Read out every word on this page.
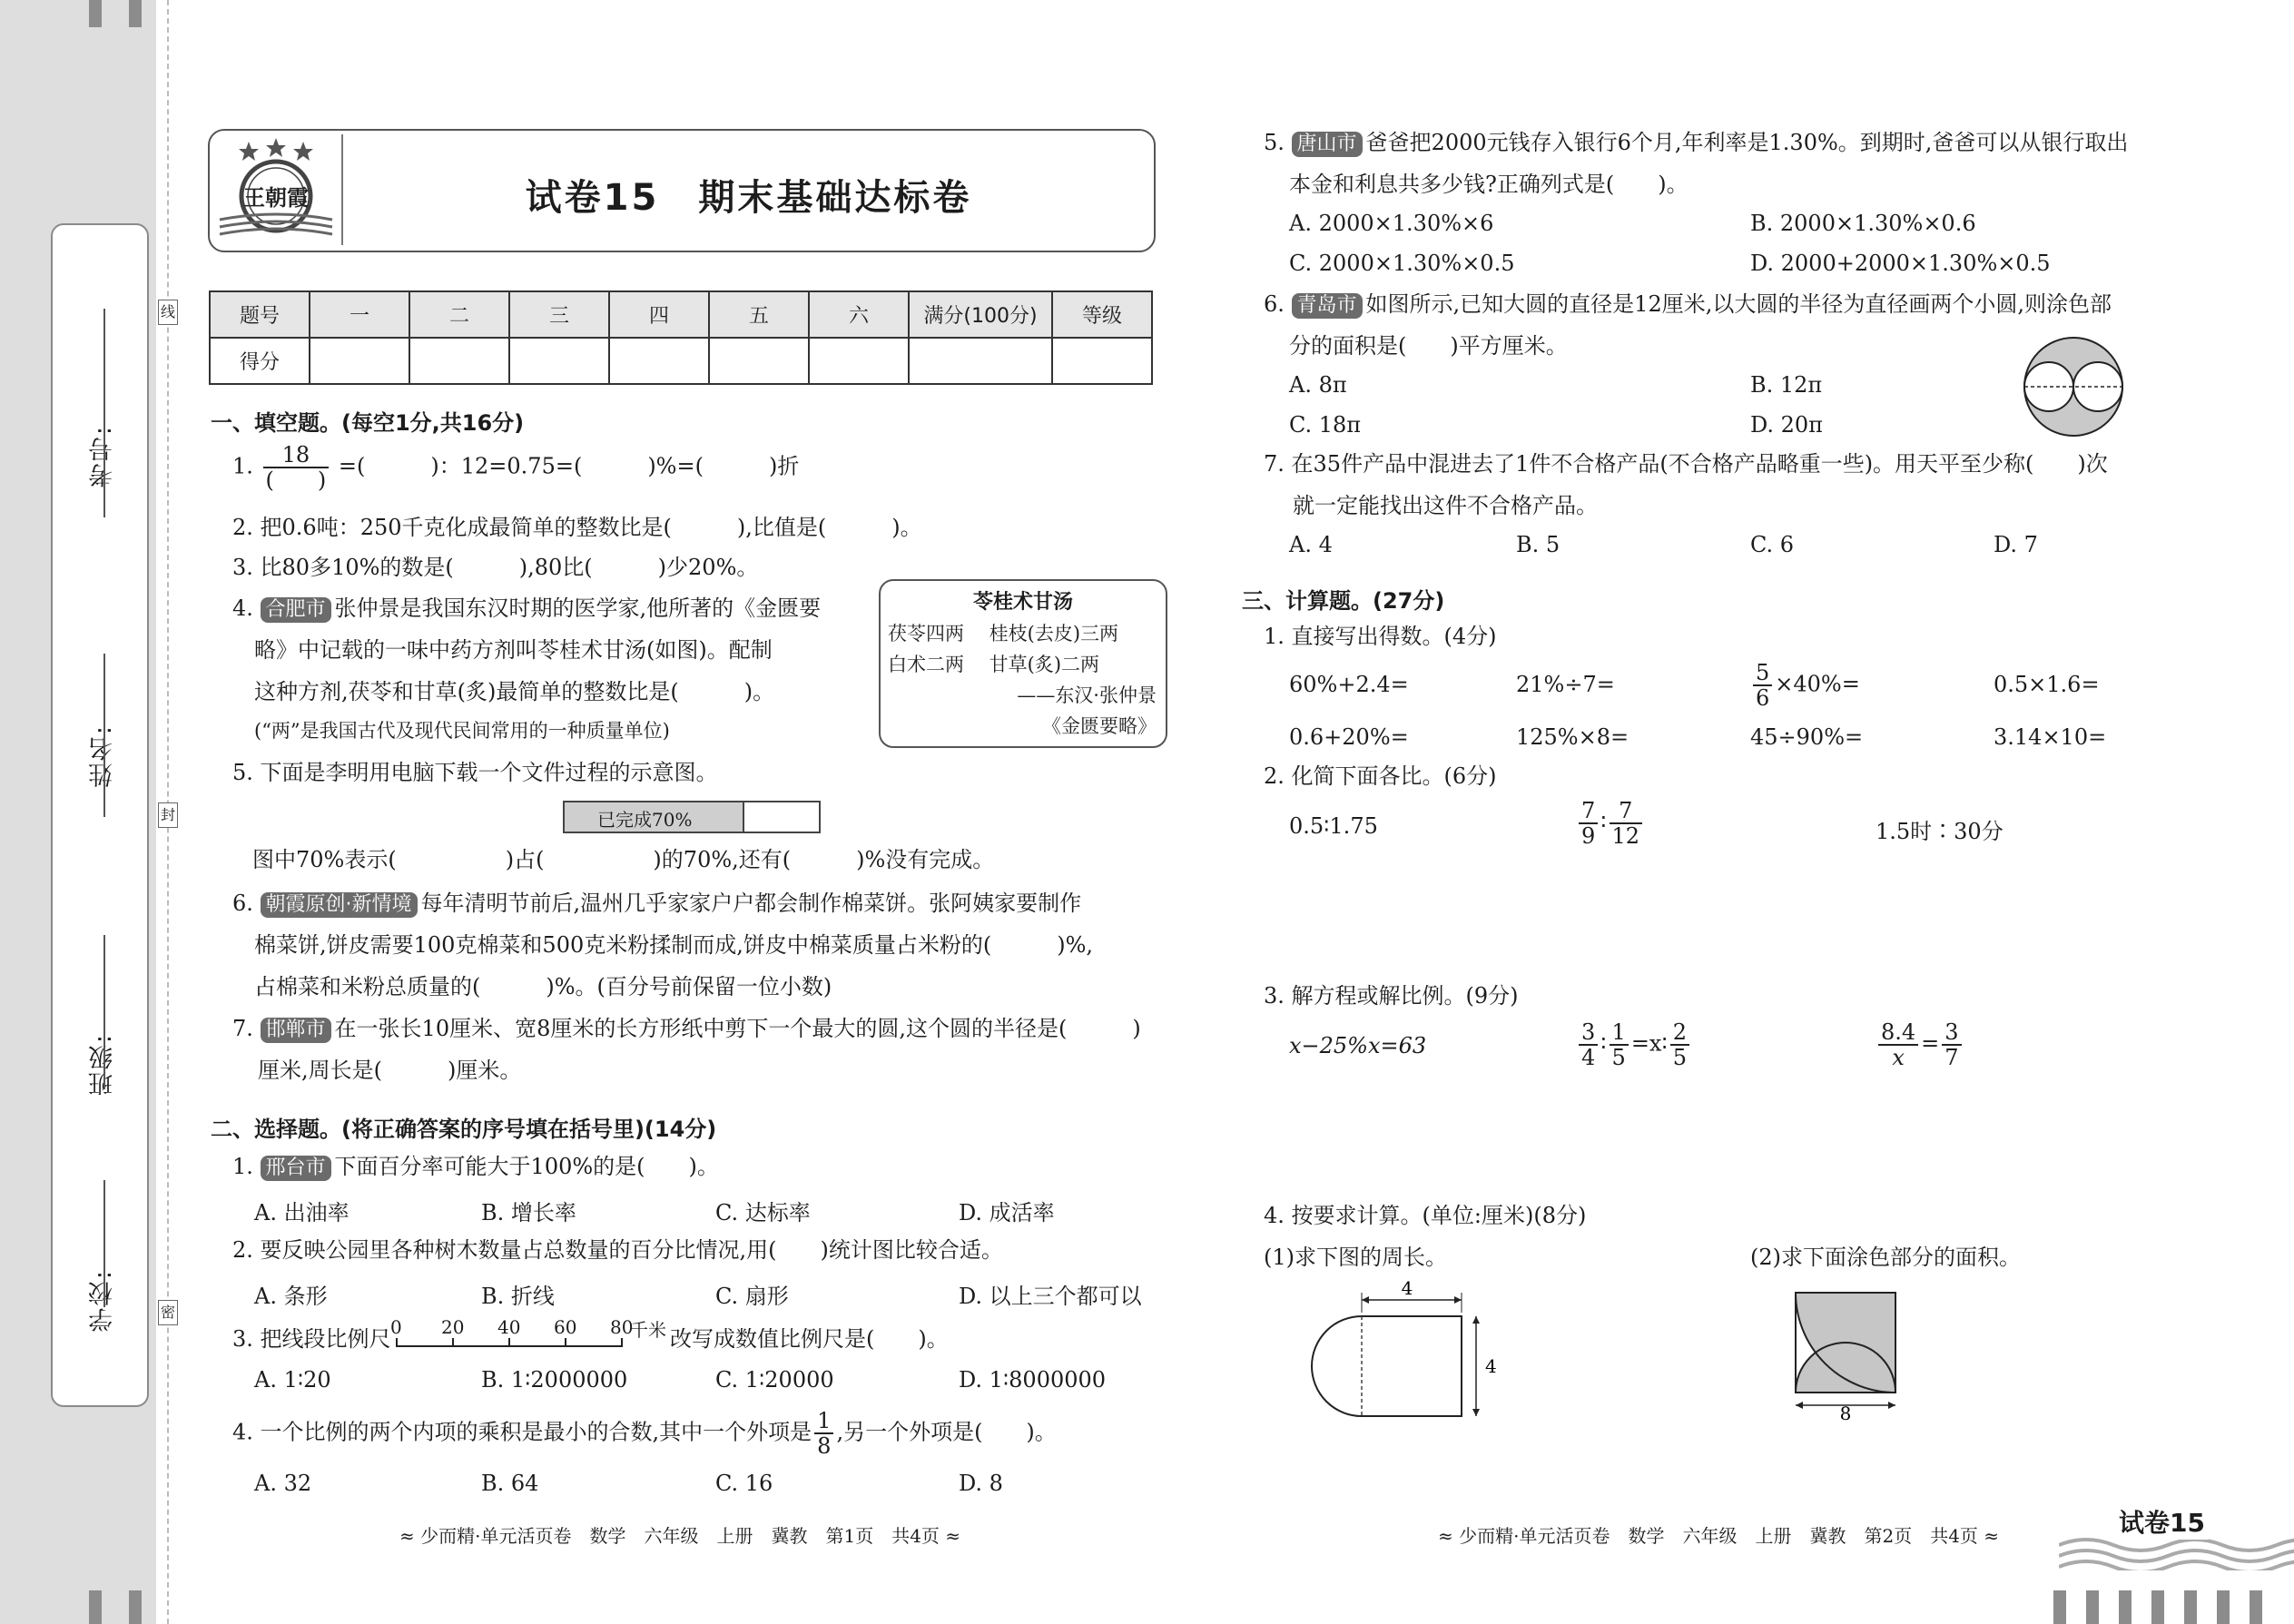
学校:
班级:
姓名:
考号:
线
封
密
王朝霞	试卷15　期末基础达标卷
题号	一	二	三	四	五	六	满分(100分)	等级
得分								
一、填空题。(每空1分,共16分)
1. $\frac{18}{( )}$ =(　　　)：12=0.75=(　　　)%=(　　　)折
2. 把0.6吨：250千克化成最简单的整数比是(　　　),比值是(　　　)。
3. 比80多10%的数是(　　　),80比(　　　)少20%。
4. 合肥市 张仲景是我国东汉时期的医学家,他所著的《金匮要
略》中记载的一味中药方剂叫苓桂术甘汤(如图)。配制
这种方剂,茯苓和甘草(炙)最简单的整数比是(　　　)。
(“两”是我国古代及现代民间常用的一种质量单位)
苓桂术甘汤
茯苓四两　 桂枝(去皮)三两
白术二两　 甘草(炙)二两
——东汉·张仲景
《金匮要略》
5. 下面是李明用电脑下载一个文件过程的示意图。
已完成70%
图中70%表示(　　　　　)占(　　　　　)的70%,还有(　　　)%没有完成。
6. 朝霞原创·新情境 每年清明节前后,温州几乎家家户户都会制作棉菜饼。张阿姨家要制作
棉菜饼,饼皮需要100克棉菜和500克米粉揉制而成,饼皮中棉菜质量占米粉的(　　　)%,
占棉菜和米粉总质量的(　　　)%。(百分号前保留一位小数)
7. 邯郸市 在一张长10厘米、宽8厘米的长方形纸中剪下一个最大的圆,这个圆的半径是(　　　)
厘米,周长是(　　　)厘米。
二、选择题。(将正确答案的序号填在括号里)(14分)
1. 邢台市 下面百分率可能大于100%的是(　　)。
A. 出油率	B. 增长率	C. 达标率	D. 成活率
2. 要反映公园里各种树木数量占总数量的百分比情况,用(　　)统计图比较合适。
A. 条形	B. 折线	C. 扇形	D. 以上三个都可以
3. 把线段比例尺 0 20 40 60 80
千米 改写成数值比例尺是(　　)。
A. 1∶20	B. 1∶2000000	C. 1∶20000	D. 1∶8000000
4. 一个比例的两个内项的乘积是最小的合数,其中一个外项是 $\frac{1}{8}$ ,另一个外项是(　　)。
A. 32	B. 64	C. 16	D. 8
≈ 少而精·单元活页卷　数学　六年级　上册　冀教　第1页　共4页 ≈
5. 唐山市 爸爸把2000元钱存入银行6个月,年利率是1.30%。到期时,爸爸可以从银行取出
本金和利息共多少钱?正确列式是(　　)。
A. 2000×1.30%×6	B. 2000×1.30%×0.6
C. 2000×1.30%×0.5	D. 2000+2000×1.30%×0.5
6. 青岛市 如图所示,已知大圆的直径是12厘米,以大圆的半径为直径画两个小圆,则涂色部
分的面积是(　　)平方厘米。
A. 8π	B. 12π
C. 18π	D. 20π
7. 在35件产品中混进去了1件不合格产品(不合格产品略重一些)。用天平至少称(　　)次
就一定能找出这件不合格产品。
A. 4	B. 5	C. 6	D. 7
三、计算题。(27分)
1. 直接写出得数。(4分)
60%+2.4=	21%÷7=	$\frac{5}{6} \times 40\%=$	0.5×1.6=
0.6+20%=	125%×8=	45÷90%=	3.14×10=
2. 化简下面各比。(6分)
0.5∶1.75	$\frac{7}{9}$ ∶ $\frac{7}{12}$	1.5时∶30分
3. 解方程或解比例。(9分)
x−25%x=63	$\frac{3}{4}$ ∶ $\frac{1}{5}$ =x∶ $\frac{2}{5}$	$\frac{8.4}{x} = \frac{3}{7}$
4. 按要求计算。(单位:厘米)(8分)
(1)求下图的周长。	(2)求下面涂色部分的面积。
4
4
8
≈ 少而精·单元活页卷　数学　六年级　上册　冀教　第2页　共4页 ≈	试卷15
